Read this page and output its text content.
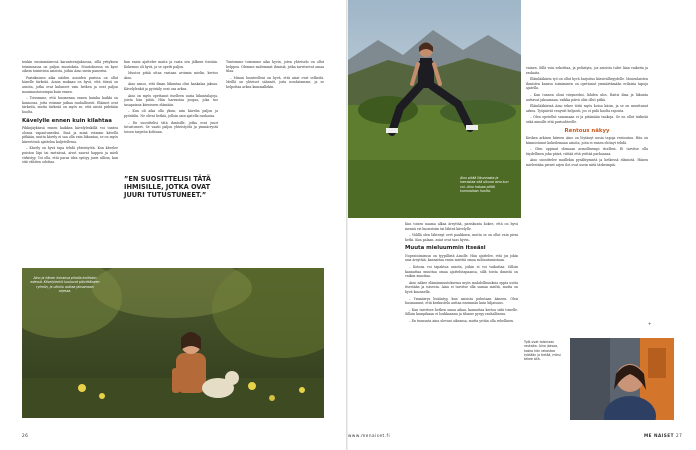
tenkin ensimmäisessä karanteenijaksossa, sillä yrityksen toiminnassa on paljon muutoksia. Muutoksessa on kyse oikein toimivista asioista, joihin Aino usein paneutui.

Parinkuinen aika näiden asioiden parissa on ollut hänelle tärkeää. Ainon mukaan on hyvä, että töissä on asioita, jotka ovat kuluneet vain hetken ja ovat paljon monimuotoisempia kuin ennen.

– Toivomme, että huomenna ennen kuinka kaikki on kunnossa, jotta voimme jatkaa rauhallisesti. Eläimet ovat tärkeitä, mutta tärkeää on myös se, että niistä pidetään huolta.

Kävelylle ennen kuin kilahtaa

Pikkujäykässä ennen kaikkea kävelylenkillä voi tuntea olonsa vapautuneeksi. Sinä ja minä voimme kävellä pitkään, mutta kävely ei saa olla vain liikuntaa, se on myös kiireetöntä ajattelua kuljetellessa.

– Kävely on hyvä tapa tehdä yhteistyötä. Kun kävelee puiston läpi tai metsässä, aivot saavat happea ja mieli virkistyy. Voi olla, että paras idea syntyy juuri silloin, kun sitä vähiten odottaa.

kun ensin ajattelee muita ja vasta sen jälkeen itseään. Kokemus oli hyvä, ja se opetti paljon.

Muutos pitää ottaa vastaan avoimin mielin, kertoo Aino.

Aino sanoo, että ilman liikuntaa olisi hankalaa jaksaa. Kävelylenkit ja pyöräily ovat osa arkea.

Aino on myös opettanut itselleen uusia liikuntalajeja, joista hän pitää. Hän harrastaa joogaa, joka tuo tasapainoa kiireiseen elämään.

– Kun oli aika olla yksin, niin kävelin paljon ja pyöräilin. Ne olivat hetkiä, jolloin sain ajatella rauhassa.

– En suosittelisi tätä ihmisille, jotka ovat juuri tutustuneet. Se vaatii paljon yhteistyötä ja ymmärrystä toisen tarpeita kohtaan.

”EN SUOSITTELISI TÄTÄ IHMISILLE, JOTKA OVAT JUURI TUTUSTUNEET.”

Tuntemme toisemme aika hyvin, joten yhteiselo on ollut helppoa. Olemme molemmat ihmisiä, jotka tarvitsevat omaa tilaa.

– Minun luonteelleni on hyvä, että asiat ovat selkeitä. Meillä on yhteiset säännöt, joita noudatamme, ja se helpottaa arkea kummallekin.

Aino ja hänen koiransa pihalla kotitalon edessä. Kävelylenkit kuuluvat päivittäiseen rytmiin, ja ulkoilu auttaa jaksamaan arjessa.
26
Aino pitää liikunnasta ja harrastaa sitä ulkona aina kun voi. Aino haluaa pitää kunnostaan huolta.

Kun toisen naama alkaa ärsyttää, pariskunta kokee, että on hyvä mennä eri huoneisiin tai lähteä kävelylle.

– Välillä olen lähtenyt ovet paukkuen, mutta se on ollut vain pieni hetki. Kun palaan, asiat ovat taas hyvin.

Muuta mieluummin itseäsi

Nopeatoimisuus on tyypillistä Ainolle. Hän ajattelee, että jos jokin asia ärsyttää, kannattaa ensin miettiä omaa suhtautumistaan.

– Kotona voi tapahtua asioita, joihin ei voi vaikuttaa. Silloin kannattaa muuttaa omaa ajattelutapaansa, sillä toista ihmistä on vaikea muuttaa.

Aino näkee elämänmuutoksessa myös mahdollisuuksia oppia uutta itsestään ja toisesta. Aina ei tarvitse olla samaa mieltä, mutta on hyvä kuunnella.

– Ymmärrys lisääntyy, kun asioista puhutaan ääneen. Olen huomannut, että keskustelu auttaa enemmän kuin hiljaisuus.

– Kun tarvitsee hetken omaa aikaa, kannattaa kertoa siitä toiselle. Silloin kumpikaan ei loukkaannu ja tilanne pysyy rauhallisena.

– En tunnusta aina olevani oikeassa, mutta yritän olla rehellinen.

vainen. Sillä voin sekoittaa, ja pelästyin, jos asioista tulee liian vaikeita ja raskaita.

Eläinlääkärin työ on ollut hyvä harjoitus kärsivällisyydelle. Monenlaisten ihmisten kanssa toimiminen on opettanut ymmärtämään erilaisia tapoja ajatella.

– Kun tunnen oloni väsyneeksi, lähden ulos. Raitis ilma ja liikunta auttavat jaksamaan, vaikka päivä olisi ollut pitkä.

Eläinlääkärinä Aino tekee töitä myös kotoa käsin, ja se on muuttanut arkea. Työpäivät venyvät helposti, jos ei pidä huolta rajoista.

– Olen opetellut sanomaan ei ja pitämään taukoja. Se on ollut tärkeää sekä minulle että parisuhteelle.

Rentous näkyy

Kesken arkisen kiireen Aino on löytänyt uusia tapoja rentoutua. Hän on kiinnostunut kokeilemaan asioita, joita ei ennen ehtinyt tehdä.

– Olen oppinut olemaan armollisempi itselleni. Ei tarvitse olla täydellinen joka päivä, riittää että yrittää parhaansa.

Aino suosittelee muillekin pysähtymistä ja hetkessä elämistä. Hänen mielestään pienet arjen ilot ovat usein niitä tärkeimpiä.

+
Työt ovat toisinaan raskaita. Aino jaksaa, koska hän rakastaa työtään ja tietää, miksi tekee sitä.
www.menaiset.fi	ME NAISET 27
